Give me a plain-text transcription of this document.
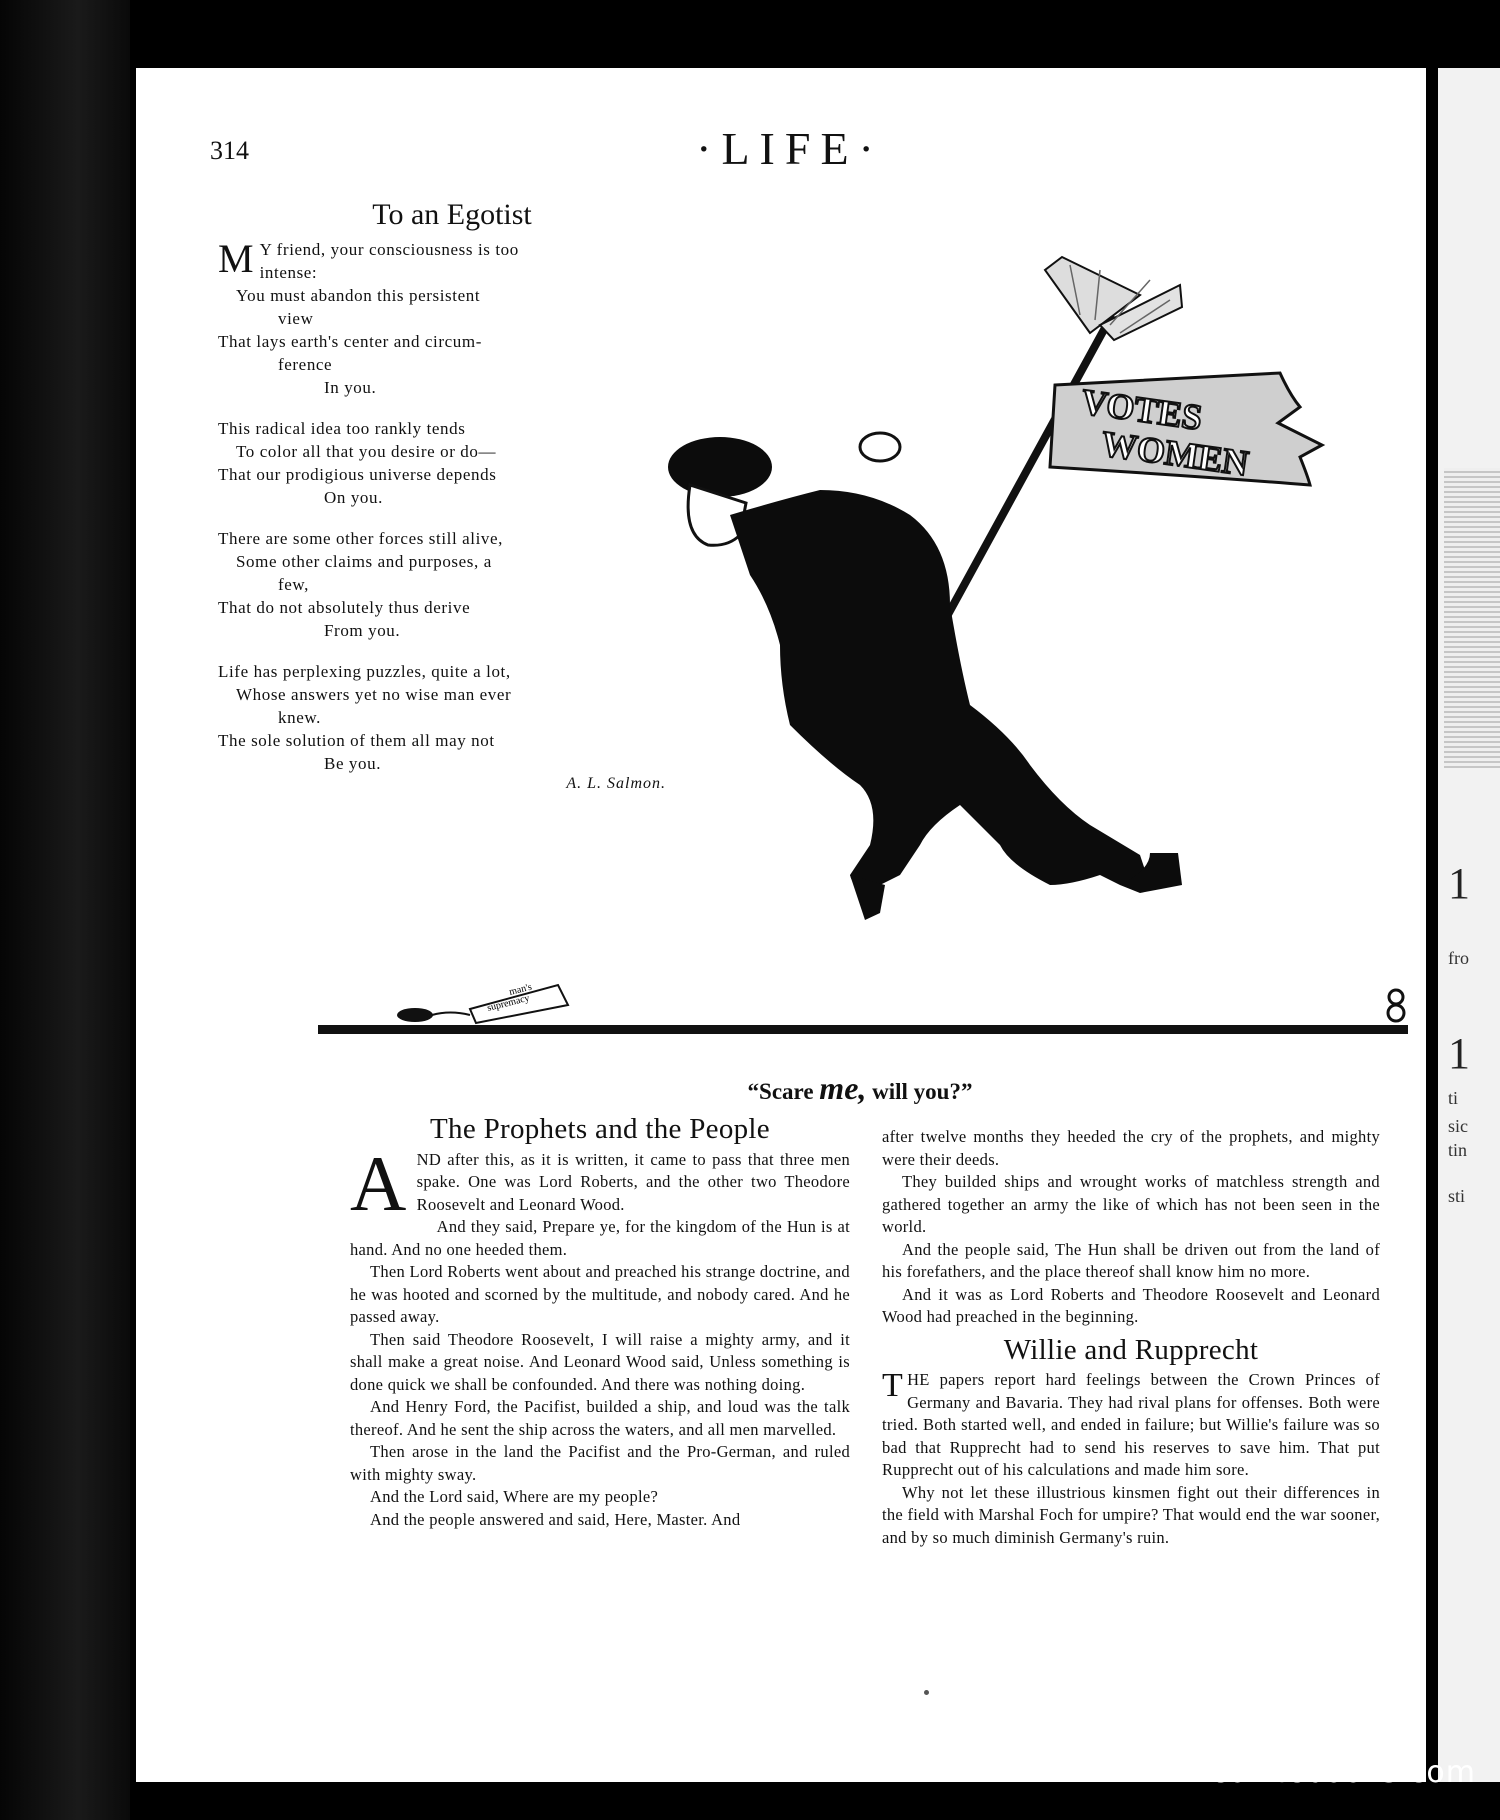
1
fro
1
ti
sic
tin
sti
314	·LIFE·
To an Egotist
M Y friend, your consciousness is too
intense:
You must abandon this persistent
view
That lays earth's center and circum-
ference
In you.
This radical idea too rankly tends
To color all that you desire or do—
That our prodigious universe depends
On you.
There are some other forces still alive,
Some other claims and purposes, a
few,
That do not absolutely thus derive
From you.
Life has perplexing puzzles, quite a lot,
Whose answers yet no wise man ever
knew.
The sole solution of them all may not
Be you.
A. L. Salmon.
VOTES
WOMEN
man's
supremacy
“Scare me, will you?”
The Prophets and the People
A ND after this, as it is written, it came to pass that three men spake. One was Lord Roberts, and the other two Theodore Roosevelt and Leonard Wood.

And they said, Prepare ye, for the kingdom of the Hun is at hand. And no one heeded them.

Then Lord Roberts went about and preached his strange doctrine, and he was hooted and scorned by the multitude, and nobody cared. And he passed away.

Then said Theodore Roosevelt, I will raise a mighty army, and it shall make a great noise. And Leonard Wood said, Unless something is done quick we shall be confounded. And there was nothing doing.

And Henry Ford, the Pacifist, builded a ship, and loud was the talk thereof. And he sent the ship across the waters, and all men marvelled.

Then arose in the land the Pacifist and the Pro-German, and ruled with mighty sway.

And the Lord said, Where are my people?

And the people answered and said, Here, Master. And

after twelve months they heeded the cry of the prophets, and mighty were their deeds.

They builded ships and wrought works of matchless strength and gathered together an army the like of which has not been seen in the world.

And the people said, The Hun shall be driven out from the land of his forefathers, and the place thereof shall know him no more.

And it was as Lord Roberts and Theodore Roosevelt and Leonard Wood had preached in the beginning.

Willie and Rupprecht
T HE papers report hard feelings between the Crown Princes of Germany and Bavaria. They had rival plans for offenses. Both were tried. Both started well, and ended in failure; but Willie's failure was so bad that Rupprecht had to send his reserves to save him. That put Rupprecht out of his calculations and made him sore.

Why not let these illustrious kinsmen fight out their differences in the field with Marshal Foch for umpire? That would end the war sooner, and by so much diminish Germany's ruin.

comicbooks.com
